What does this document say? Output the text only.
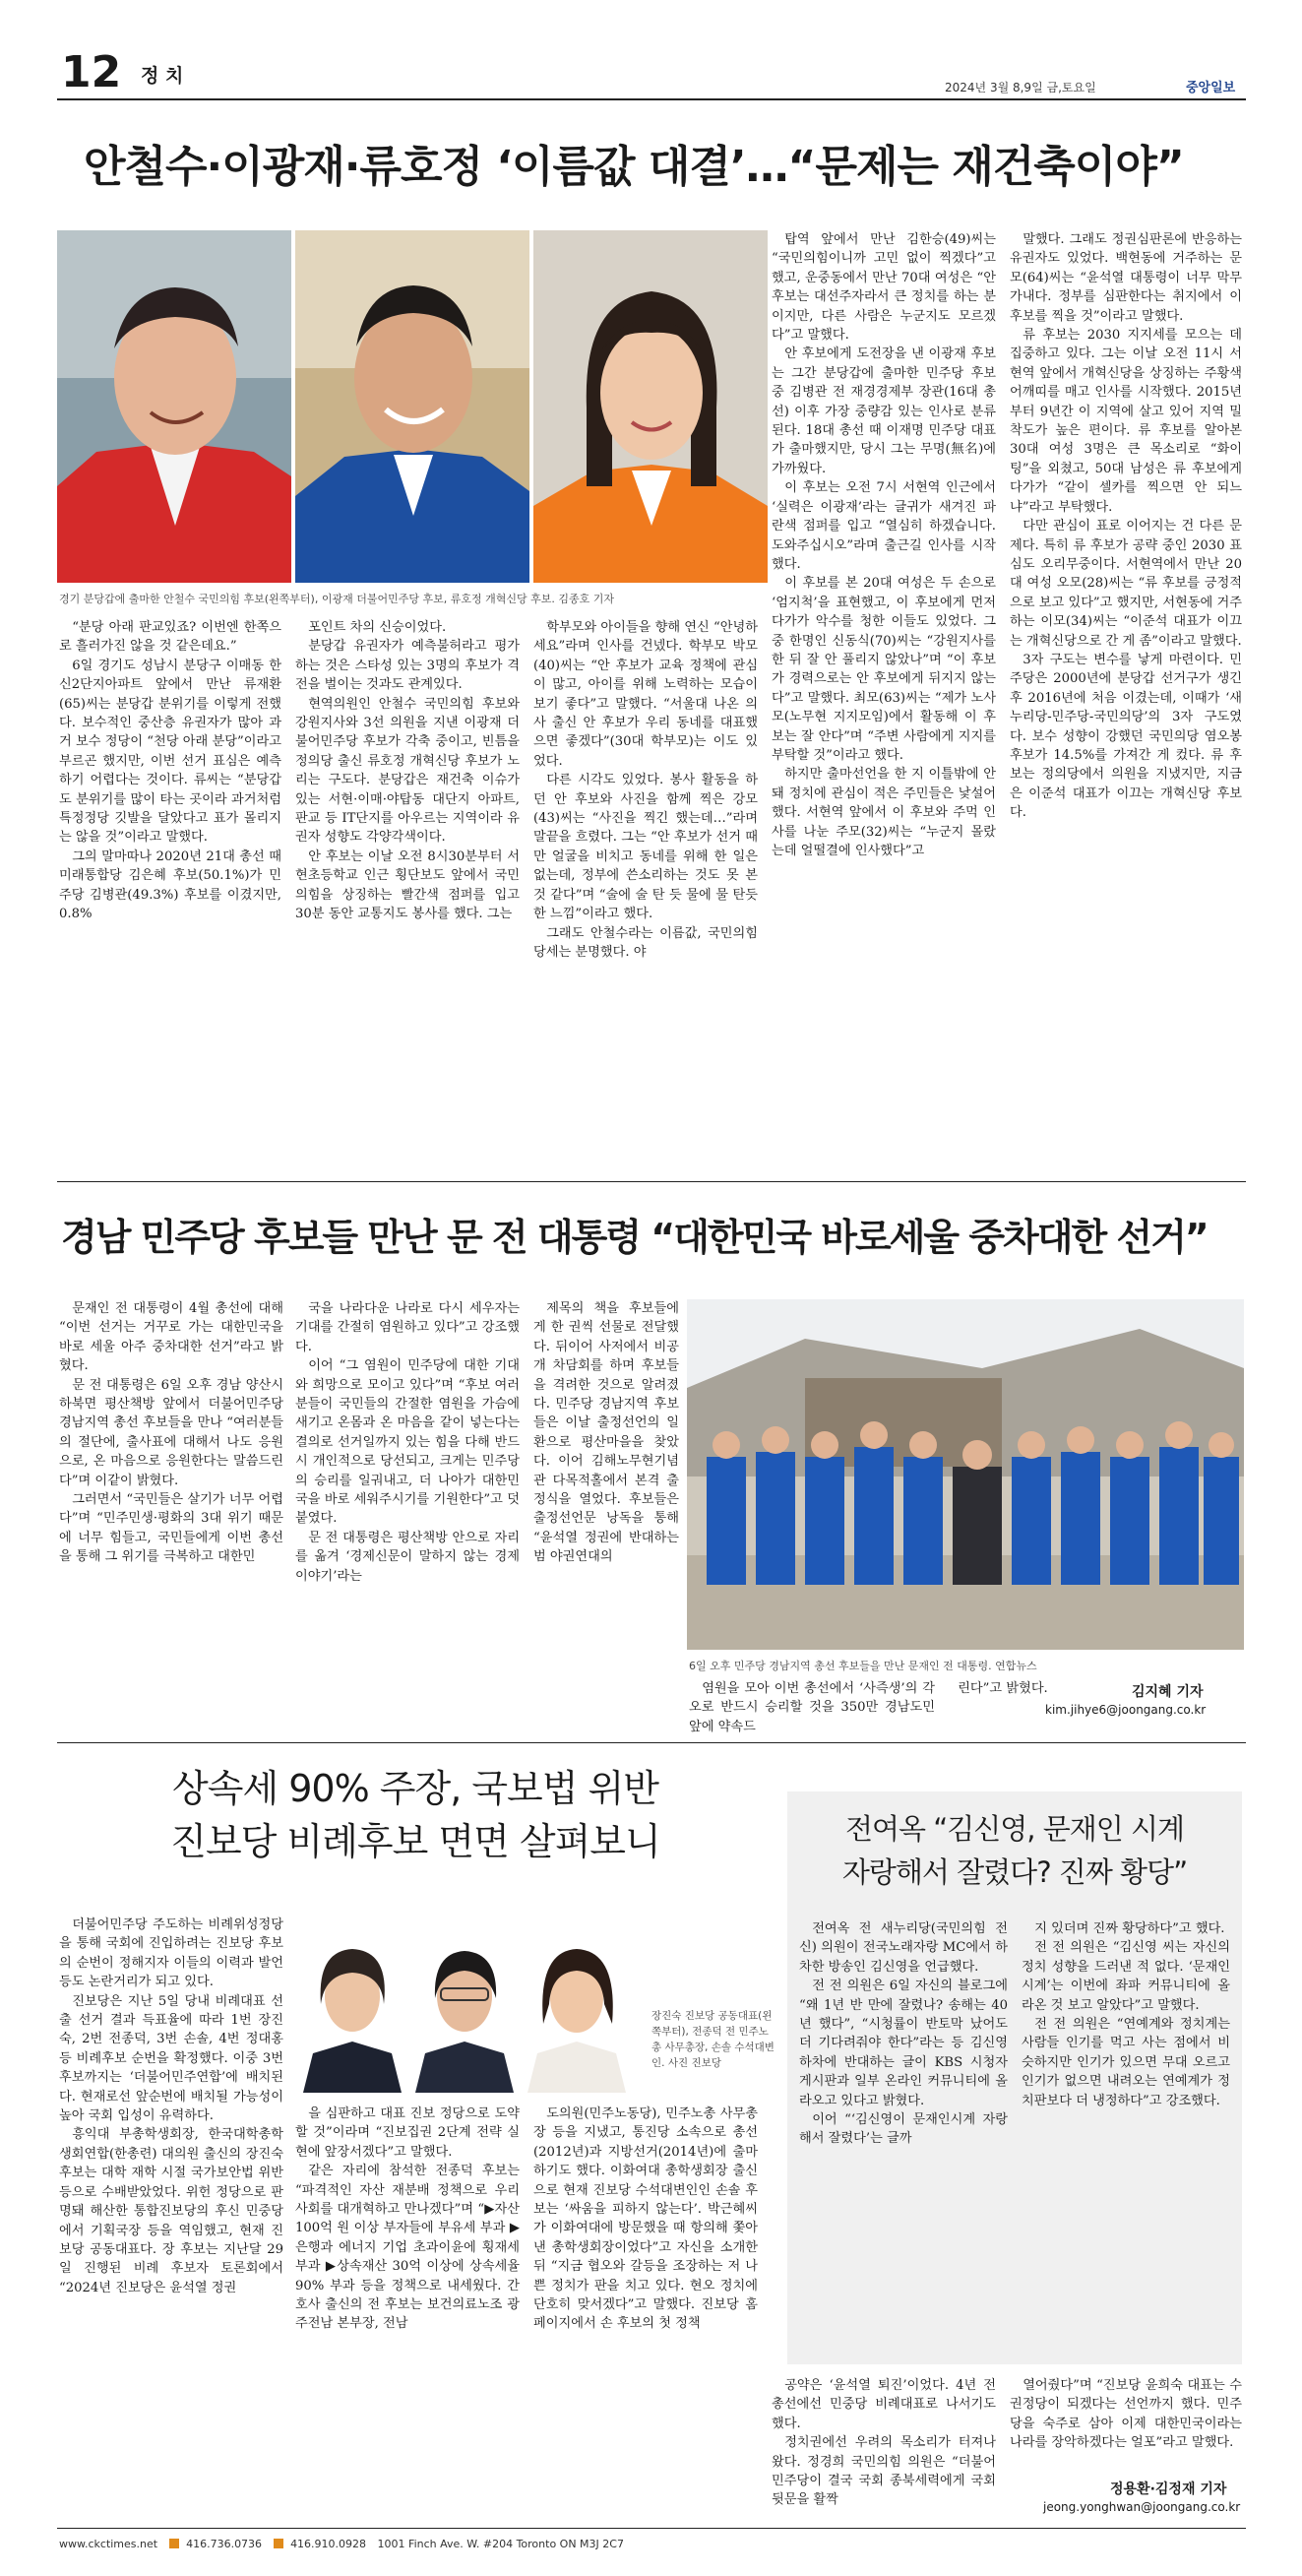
12 정 치
2024년 3월 8,9일 금,토요일	중앙일보
안철수·이광재·류호정 ‘이름값 대결’…“문제는 재건축이야”
경기 분당갑에 출마한 안철수 국민의힘 후보(왼쪽부터), 이광재 더불어민주당 후보, 류호정 개혁신당 후보. 김종호 기자

“분당 아래 판교있죠? 이번엔 한쪽으로 흘러가진 않을 것 같은데요.”

6일 경기도 성남시 분당구 이매동 한신2단지아파트 앞에서 만난 류재환(65)씨는 분당갑 분위기를 이렇게 전했다. 보수적인 중산층 유권자가 많아 과거 보수 정당이 “천당 아래 분당”이라고 부르곤 했지만, 이번 선거 표심은 예측하기 어렵다는 것이다. 류씨는 “분당갑도 분위기를 많이 타는 곳이라 과거처럼 특정정당 깃발을 달았다고 표가 몰리지는 않을 것”이라고 말했다.

그의 말마따나 2020년 21대 총선 때 미래통합당 김은혜 후보(50.1%)가 민주당 김병관(49.3%) 후보를 이겼지만, 0.8%

포인트 차의 신승이었다.

분당갑 유권자가 예측불허라고 평가하는 것은 스타성 있는 3명의 후보가 격전을 벌이는 것과도 관계있다.

현역의원인 안철수 국민의힘 후보와 강원지사와 3선 의원을 지낸 이광재 더불어민주당 후보가 각축 중이고, 빈틈을 정의당 출신 류호정 개혁신당 후보가 노리는 구도다. 분당갑은 재건축 이슈가 있는 서현·이매·야탑동 대단지 아파트, 판교 등 IT단지를 아우르는 지역이라 유권자 성향도 각양각색이다.

안 후보는 이날 오전 8시30분부터 서현초등학교 인근 횡단보도 앞에서 국민의힘을 상징하는 빨간색 점퍼를 입고 30분 동안 교통지도 봉사를 했다. 그는

학부모와 아이들을 향해 연신 “안녕하세요”라며 인사를 건넸다. 학부모 박모(40)씨는 “안 후보가 교육 정책에 관심이 많고, 아이를 위해 노력하는 모습이 보기 좋다”고 말했다. “서울대 나온 의사 출신 안 후보가 우리 동네를 대표했으면 좋겠다”(30대 학부모)는 이도 있었다.

다른 시각도 있었다. 봉사 활동을 하던 안 후보와 사진을 함께 찍은 강모(43)씨는 “사진을 찍긴 했는데…”라며 말끝을 흐렸다. 그는 “안 후보가 선거 때만 얼굴을 비치고 동네를 위해 한 일은 없는데, 정부에 쓴소리하는 것도 못 본 것 같다”며 “술에 술 탄 듯 물에 물 탄듯한 느낌”이라고 했다.

그래도 안철수라는 이름값, 국민의힘 당세는 분명했다. 야

탑역 앞에서 만난 김한승(49)씨는 “국민의힘이니까 고민 없이 찍겠다”고 했고, 운중동에서 만난 70대 여성은 “안 후보는 대선주자라서 큰 정치를 하는 분이지만, 다른 사람은 누군지도 모르겠다”고 말했다.

안 후보에게 도전장을 낸 이광재 후보는 그간 분당갑에 출마한 민주당 후보 중 김병관 전 재경경제부 장관(16대 총선) 이후 가장 중량감 있는 인사로 분류된다. 18대 총선 때 이재명 민주당 대표가 출마했지만, 당시 그는 무명(無名)에 가까웠다.

이 후보는 오전 7시 서현역 인근에서 ‘실력은 이광재’라는 글귀가 새겨진 파란색 점퍼를 입고 “열심히 하겠습니다. 도와주십시오”라며 출근길 인사를 시작했다.

이 후보를 본 20대 여성은 두 손으로 ‘엄지척’을 표현했고, 이 후보에게 먼저 다가가 악수를 청한 이들도 있었다. 그중 한명인 신동식(70)씨는 “강원지사를 한 뒤 잘 안 풀리지 않았나”며 “이 후보가 경력으로는 안 후보에게 뒤지지 않는다”고 말했다. 최모(63)씨는 “제가 노사모(노무현 지지모임)에서 활동해 이 후보는 잘 안다”며 “주변 사람에게 지지를 부탁할 것”이라고 했다.

하지만 출마선언을 한 지 이틀밖에 안 돼 정치에 관심이 적은 주민들은 낯설어했다. 서현역 앞에서 이 후보와 주먹 인사를 나눈 주모(32)씨는 “누군지 몰랐는데 얼떨결에 인사했다”고

말했다. 그래도 정권심판론에 반응하는 유권자도 있었다. 백현동에 거주하는 문모(64)씨는 “윤석열 대통령이 너무 막무가내다. 정부를 심판한다는 취지에서 이 후보를 찍을 것”이라고 말했다.

류 후보는 2030 지지세를 모으는 데 집중하고 있다. 그는 이날 오전 11시 서현역 앞에서 개혁신당을 상징하는 주황색 어깨띠를 매고 인사를 시작했다. 2015년부터 9년간 이 지역에 살고 있어 지역 밀착도가 높은 편이다. 류 후보를 알아본 30대 여성 3명은 큰 목소리로 “화이팅”을 외쳤고, 50대 남성은 류 후보에게 다가가 “같이 셀카를 찍으면 안 되느냐”라고 부탁했다.

다만 관심이 표로 이어지는 건 다른 문제다. 특히 류 후보가 공략 중인 2030 표심도 오리무중이다. 서현역에서 만난 20대 여성 오모(28)씨는 “류 후보를 긍정적으로 보고 있다”고 했지만, 서현동에 거주하는 이모(34)씨는 “이준석 대표가 이끄는 개혁신당으로 간 게 좀”이라고 말했다.

3자 구도는 변수를 낳게 마련이다. 민주당은 2000년에 분당갑 선거구가 생긴 후 2016년에 처음 이겼는데, 이때가 ‘새누리당-민주당-국민의당’의 3자 구도였다. 보수 성향이 강했던 국민의당 염오봉 후보가 14.5%를 가져간 게 컸다. 류 후보는 정의당에서 의원을 지냈지만, 지금은 이준석 대표가 이끄는 개혁신당 후보다.

경남 민주당 후보들 만난 문 전 대통령 “대한민국 바로세울 중차대한 선거”

문재인 전 대통령이 4월 총선에 대해 “이번 선거는 거꾸로 가는 대한민국을 바로 세울 아주 중차대한 선거”라고 밝혔다.

문 전 대통령은 6일 오후 경남 양산시 하북면 평산책방 앞에서 더불어민주당 경남지역 총선 후보들을 만나 “여러분들의 절단에, 출사표에 대해서 나도 응원으로, 온 마음으로 응원한다는 말씀드린다”며 이같이 밝혔다.

그러면서 “국민들은 살기가 너무 어렵다”며 “민주민생·평화의 3대 위기 때문에 너무 힘들고, 국민들에게 이번 총선을 통해 그 위기를 극복하고 대한민

국을 나라다운 나라로 다시 세우자는 기대를 간절히 염원하고 있다”고 강조했다.

이어 “그 염원이 민주당에 대한 기대와 희망으로 모이고 있다”며 “후보 여러분들이 국민들의 간절한 염원을 가슴에 새기고 온몸과 온 마음을 같이 넣는다는 결의로 선거일까지 있는 힘을 다해 반드시 개인적으로 당선되고, 크게는 민주당의 승리를 일궈내고, 더 나아가 대한민국을 바로 세워주시기를 기원한다”고 덧붙였다.

문 전 대통령은 평산책방 안으로 자리를 옮겨 ‘경제신문이 말하지 않는 경제이야기’라는

제목의 책을 후보들에게 한 권씩 선물로 전달했다. 뒤이어 사저에서 비공개 차담회를 하며 후보들을 격려한 것으로 알려졌다. 민주당 경남지역 후보들은 이날 출정선언의 일환으로 평산마을을 찾았다. 이어 김해노무현기념관 다목적홀에서 본격 출정식을 열었다. 후보들은 출정선언문 낭독을 통해 “윤석열 정권에 반대하는 범 야권연대의

6일 오후 민주당 경남지역 총선 후보들을 만난 문재인 전 대통령. 연합뉴스

염원을 모아 이번 총선에서 ‘사즉생’의 각오로 반드시 승리할 것을 350만 경남도민 앞에 약속드

린다”고 밝혔다.	김지혜 기자
kim.jihye6@joongang.co.kr
상속세 90% 주장, 국보법 위반
진보당 비례후보 면면 살펴보니

더불어민주당 주도하는 비례위성정당을 통해 국회에 진입하려는 진보당 후보의 순번이 정해지자 이들의 이력과 발언 등도 논란거리가 되고 있다.

진보당은 지난 5일 당내 비례대표 선출 선거 결과 득표율에 따라 1번 장진숙, 2번 전종덕, 3번 손솔, 4번 정대홍 등 비례후보 순번을 확정했다. 이중 3번 후보까지는 ‘더불어민주연합’에 배치된다. 현재로선 앞순번에 배치될 가능성이 높아 국회 입성이 유력하다.

흥익대 부총학생회장, 한국대학총학생회연합(한총련) 대의원 출신의 장진숙 후보는 대학 재학 시절 국가보안법 위반 등으로 수배받았었다. 위헌 정당으로 판명돼 해산한 통합진보당의 후신 민중당에서 기획국장 등을 역임했고, 현재 진보당 공동대표다. 장 후보는 지난달 29일 진행된 비례 후보자 토론회에서 “2024년 진보당은 윤석열 정권

장진숙 진보당 공동대표(왼쪽부터), 전종덕 전 민주노총 사무총장, 손솔 수석대변인. 사진 진보당

을 심판하고 대표 진보 정당으로 도약할 것”이라며 “진보집권 2단계 전략 실현에 앞장서겠다”고 말했다.

같은 자리에 참석한 전종덕 후보는 “파격적인 자산 재분배 정책으로 우리 사회를 대개혁하고 만나겠다”며 “▶자산 100억 원 이상 부자들에 부유세 부과 ▶은행과 에너지 기업 초과이윤에 횡재세 부과 ▶상속재산 30억 이상에 상속세율 90% 부과 등을 정책으로 내세웠다. 간호사 출신의 전 후보는 보건의료노조 광주전남 본부장, 전남

도의원(민주노동당), 민주노총 사무총장 등을 지냈고, 통진당 소속으로 총선(2012년)과 지방선거(2014년)에 출마하기도 했다. 이화여대 총학생회장 출신으로 현재 진보당 수석대변인인 손솔 후보는 ‘싸움을 피하지 않는다’. 박근혜씨가 이화여대에 방문했을 때 항의해 쫓아낸 총학생회장이었다”고 자신을 소개한 뒤 “지금 협오와 갈등을 조장하는 저 나쁜 정치가 판을 치고 있다. 현오 정치에 단호히 맞서겠다”고 말했다. 진보당 홈페이지에서 손 후보의 첫 정책

공약은 ‘윤석열 퇴진’이었다. 4년 전 총선에선 민중당 비례대표로 나서기도 했다.

정치권에선 우려의 목소리가 터져나왔다. 정경희 국민의힘 의원은 “더불어민주당이 결국 국회 종북세력에게 국회 뒷문을 활짝

열어줬다”며 “진보당 윤희숙 대표는 수권정당이 되겠다는 선언까지 했다. 민주당을 숙주로 삼아 이제 대한민국이라는 나라를 장악하겠다는 얼포”라고 말했다.

정용환·김정재 기자
jeong.yonghwan@joongang.co.kr
전여옥 “김신영, 문재인 시계
자랑해서 잘렸다? 진짜 황당”

전여옥 전 새누리당(국민의힘 전신) 의원이 전국노래자랑 MC에서 하차한 방송인 김신영을 언급했다.

전 전 의원은 6일 자신의 블로그에 “왜 1년 반 만에 잘렸나? 송해는 40년 했다”, “시청률이 반토막 났어도 더 기다려줘야 한다”라는 등 김신영 하차에 반대하는 글이 KBS 시청자 게시판과 일부 온라인 커뮤니티에 올라오고 있다고 밝혔다.

이어 “‘김신영이 문재인시계 자랑해서 잘렸다’는 글까

지 있더며 진짜 황당하다”고 했다.

전 전 의원은 “김신영 씨는 자신의 정치 성향을 드러낸 적 없다. ‘문재인시계’는 이번에 좌파 커뮤니티에 올라온 것 보고 알았다”고 말했다.

전 전 의원은 “연예계와 정치계는 사람들 인기를 먹고 사는 점에서 비슷하지만 인기가 있으면 무대 오르고 인기가 없으면 내려오는 연예계가 정치판보다 더 냉정하다”고 강조했다.

www.ckctimes.net	416.736.0736	416.910.0928 1001 Finch Ave. W. #204 Toronto ON M3J 2C7
